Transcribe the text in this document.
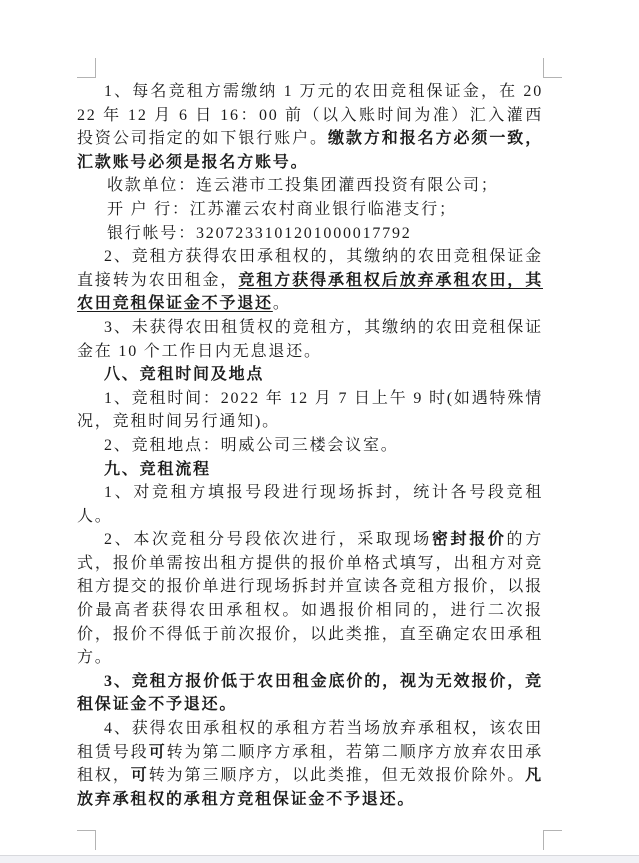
1、每名竞租方需缴纳 1 万元的农田竞租保证金，在 2022 年 12 月 6 日 16：00 前（以入账时间为准）汇入灌西投资公司指定的如下银行账户。缴款方和报名方必须一致，汇款账号必须是报名方账号。

收款单位：连云港市工投集团灌西投资有限公司；

开 户 行：江苏灌云农村商业银行临港支行；

银行帐号：3207233101201000017792

2、竞租方获得农田承租权的，其缴纳的农田竞租保证金直接转为农田租金，竞租方获得承租权后放弃承租农田，其农田竞租保证金不予退还。

3、未获得农田租赁权的竞租方，其缴纳的农田竞租保证金在 10 个工作日内无息退还。

八、竞租时间及地点

1、竞租时间：2022 年 12 月 7 日上午 9 时(如遇特殊情况，竞租时间另行通知)。

2、竞租地点：明威公司三楼会议室。

九、竞租流程

1、对竞租方填报号段进行现场拆封，统计各号段竞租人。

2、本次竞租分号段依次进行，采取现场密封报价的方式，报价单需按出租方提供的报价单格式填写，出租方对竞租方提交的报价单进行现场拆封并宣读各竞租方报价，以报价最高者获得农田承租权。如遇报价相同的，进行二次报价，报价不得低于前次报价，以此类推，直至确定农田承租方。

3、竞租方报价低于农田租金底价的，视为无效报价，竞租保证金不予退还。

4、获得农田承租权的承租方若当场放弃承租权，该农田租赁号段可转为第二顺序方承租，若第二顺序方放弃农田承租权，可转为第三顺序方，以此类推，但无效报价除外。凡放弃承租权的承租方竞租保证金不予退还。
